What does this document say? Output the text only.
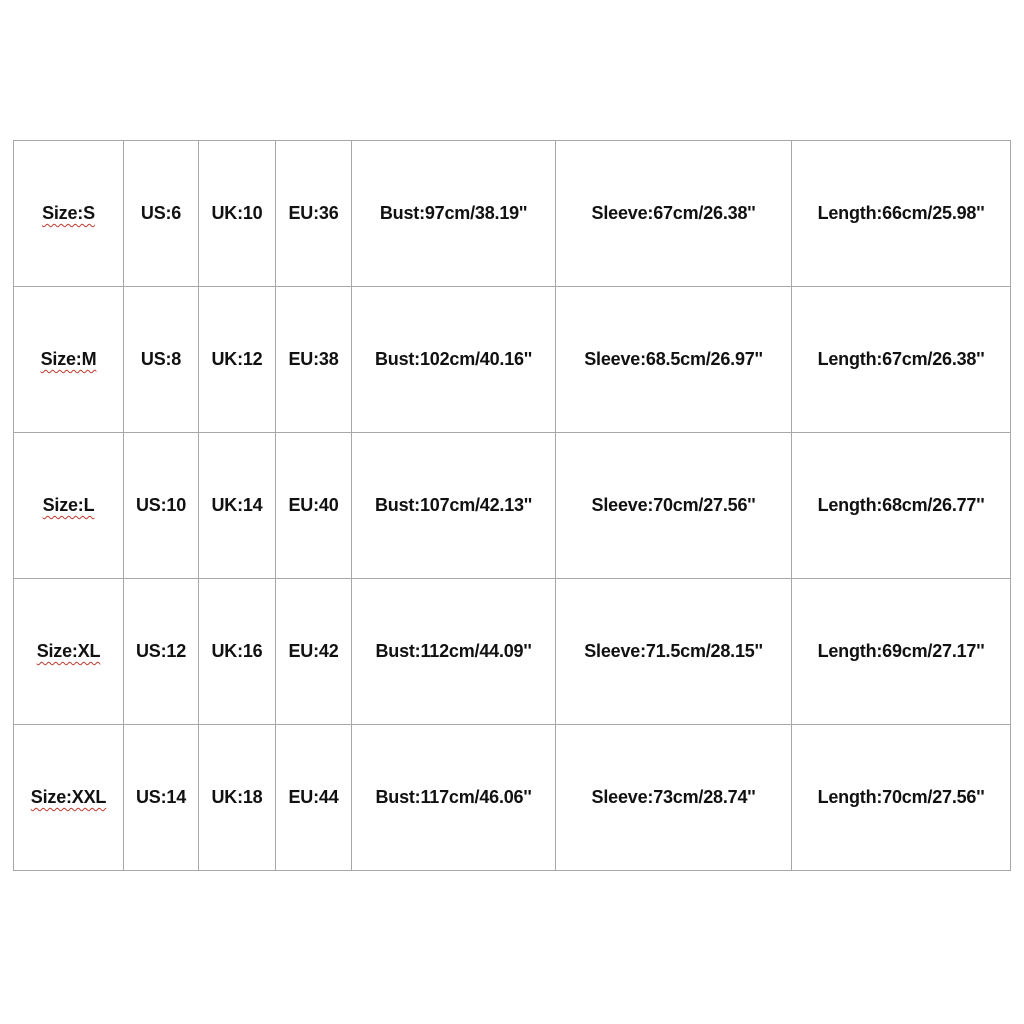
Size:S	US:6	UK:10	EU:36	Bust:97cm/38.19''	Sleeve:67cm/26.38''	Length:66cm/25.98''
Size:M	US:8	UK:12	EU:38	Bust:102cm/40.16''	Sleeve:68.5cm/26.97''	Length:67cm/26.38''
Size:L	US:10	UK:14	EU:40	Bust:107cm/42.13''	Sleeve:70cm/27.56''	Length:68cm/26.77''
Size:XL	US:12	UK:16	EU:42	Bust:112cm/44.09''	Sleeve:71.5cm/28.15''	Length:69cm/27.17''
Size:XXL	US:14	UK:18	EU:44	Bust:117cm/46.06''	Sleeve:73cm/28.74''	Length:70cm/27.56''
